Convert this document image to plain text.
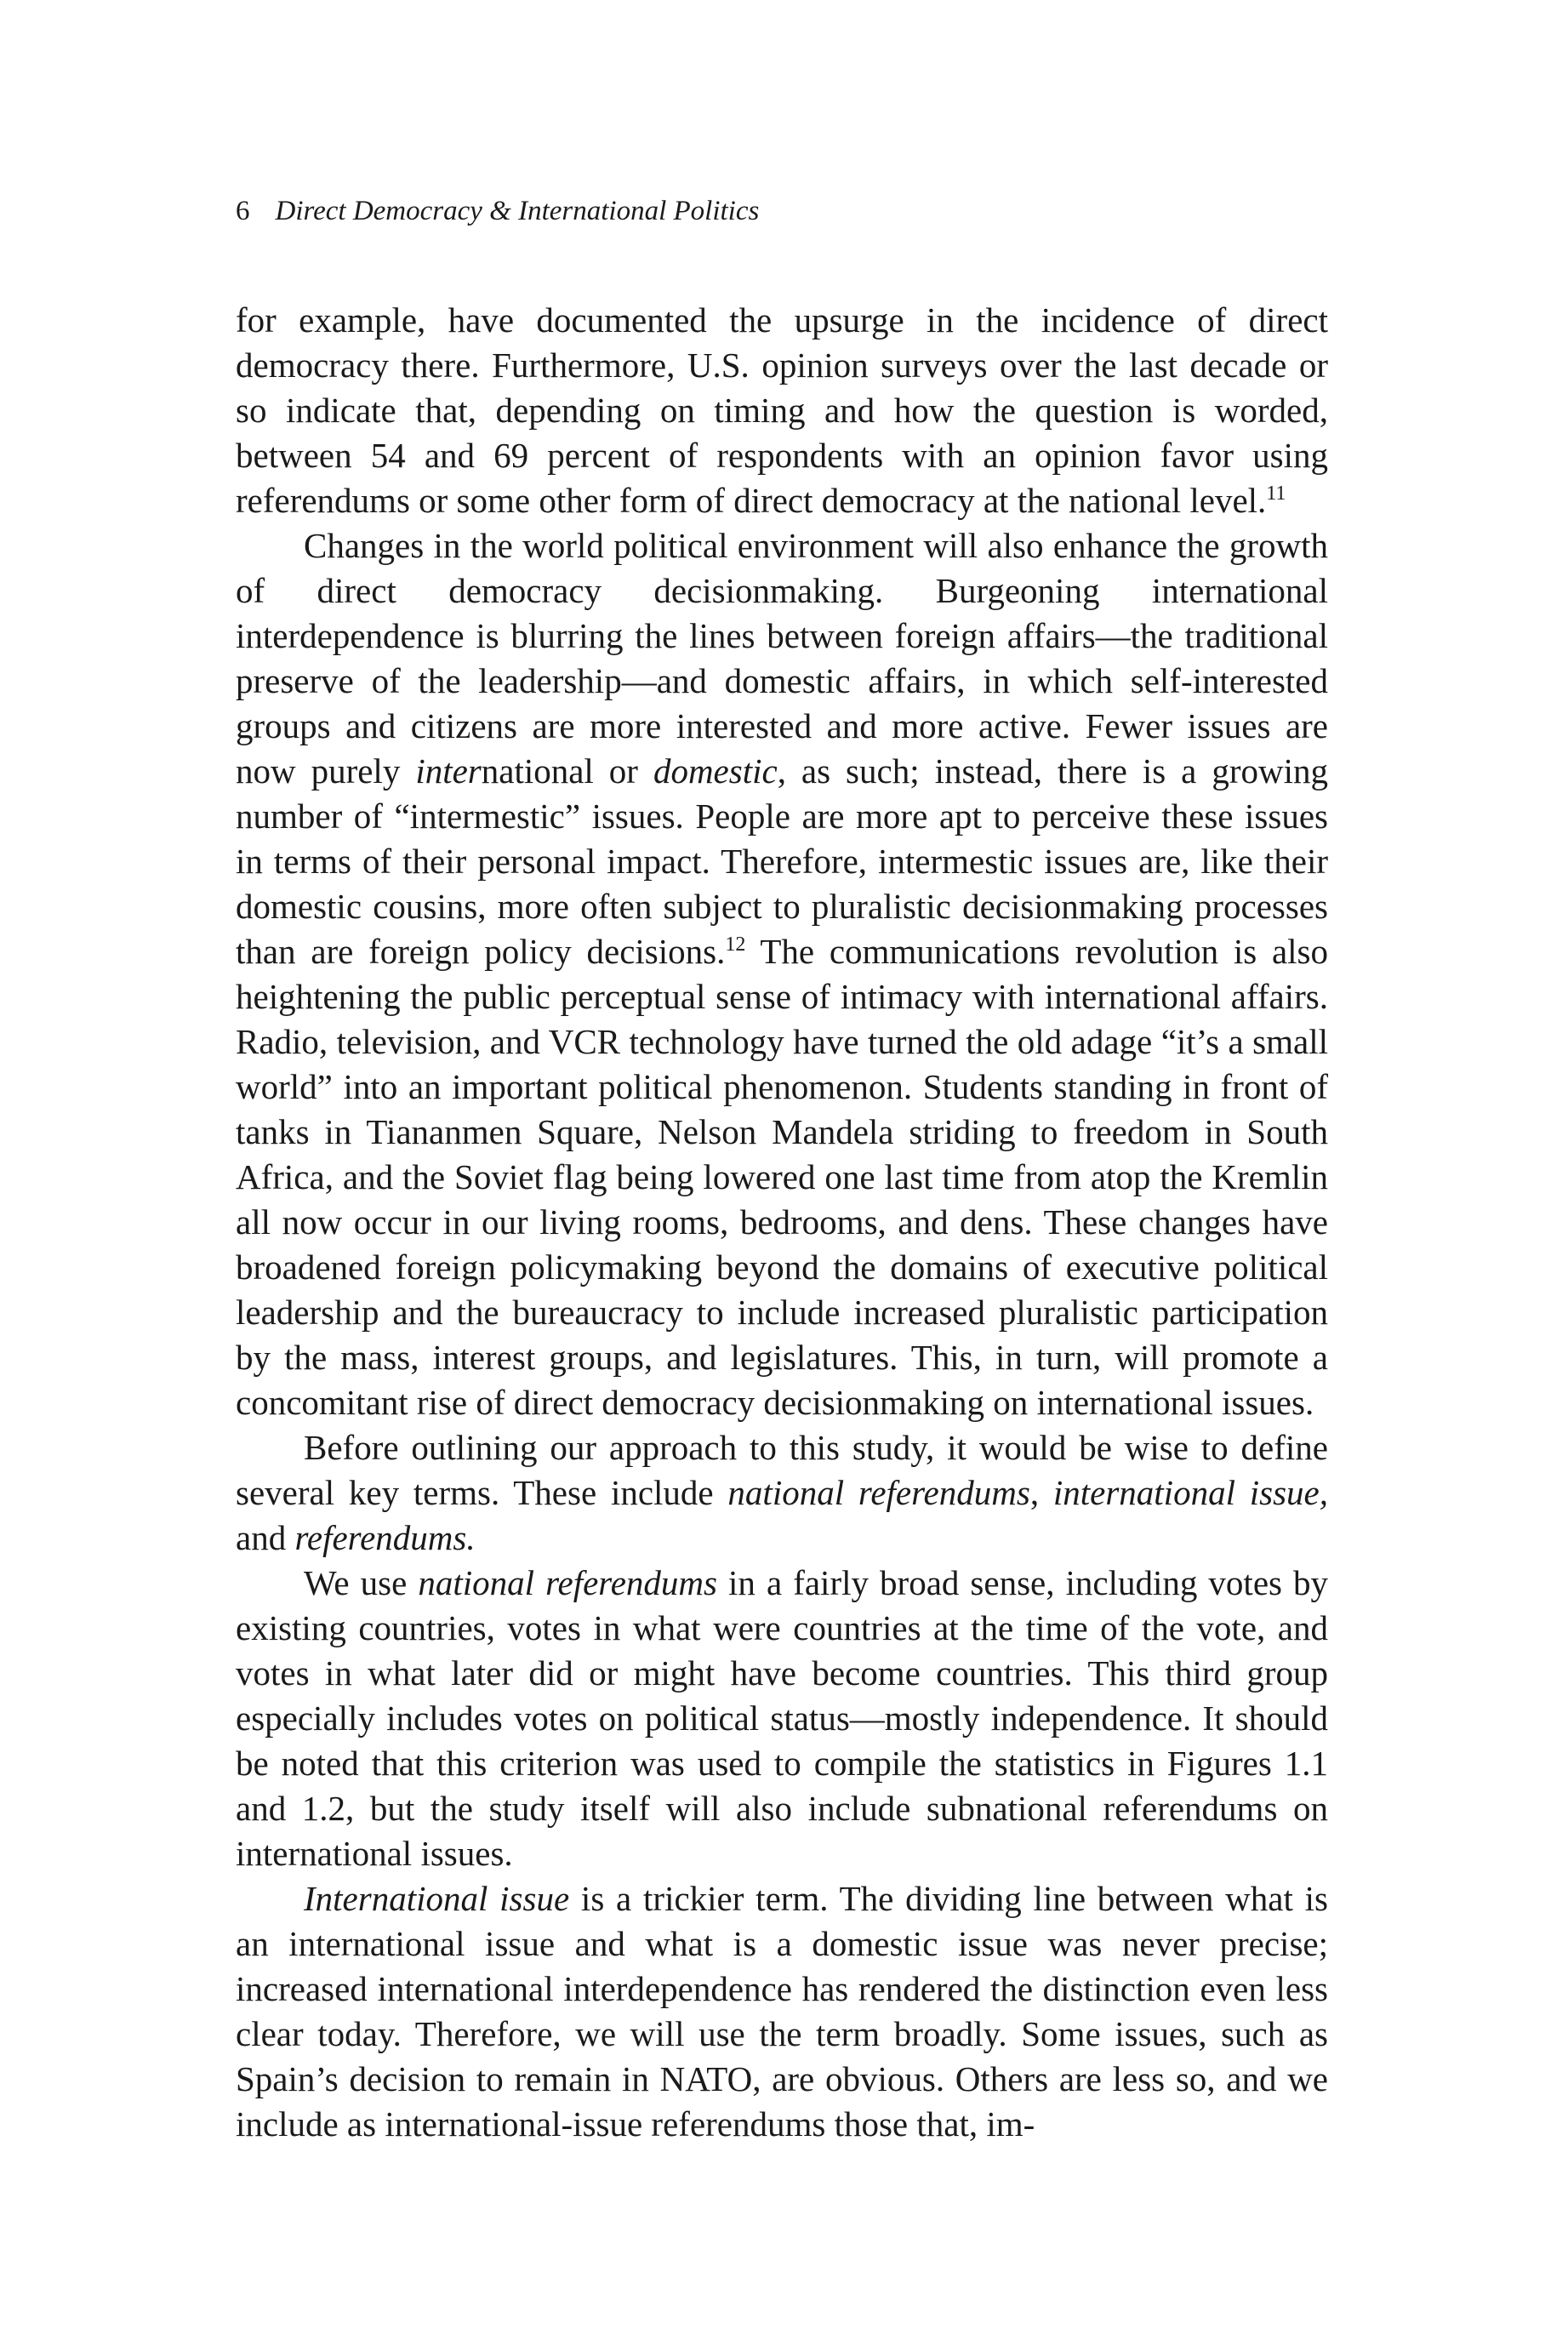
6 Direct Democracy & International Politics

for example, have documented the upsurge in the incidence of direct democracy there. Furthermore, U.S. opinion surveys over the last decade or so indicate that, depending on timing and how the question is worded, between 54 and 69 percent of respondents with an opinion favor using referendums or some other form of direct democracy at the national level.$^{11}$

Changes in the world political environment will also enhance the growth of direct democracy decisionmaking. Burgeoning international interdependence is blurring the lines between foreign affairs—the traditional preserve of the leadership—and domestic affairs, in which self-interested groups and citizens are more interested and more active. Fewer issues are now purely international or domestic, as such; instead, there is a growing number of “intermestic” issues. People are more apt to perceive these issues in terms of their personal impact. Therefore, intermestic issues are, like their domestic cousins, more often subject to pluralistic decisionmaking processes than are foreign policy decisions.$^{12}$ The communications revolution is also heightening the public perceptual sense of intimacy with international affairs. Radio, television, and VCR technology have turned the old adage “it’s a small world” into an important political phenomenon. Students standing in front of tanks in Tiananmen Square, Nelson Mandela striding to freedom in South Africa, and the Soviet flag being lowered one last time from atop the Kremlin all now occur in our living rooms, bedrooms, and dens. These changes have broadened foreign policymaking beyond the domains of executive political leadership and the bureaucracy to include increased pluralistic participation by the mass, interest groups, and legislatures. This, in turn, will promote a concomitant rise of direct democracy decisionmaking on international issues.

Before outlining our approach to this study, it would be wise to define several key terms. These include national referendums, international issue, and referendums.

We use national referendums in a fairly broad sense, including votes by existing countries, votes in what were countries at the time of the vote, and votes in what later did or might have become countries. This third group especially includes votes on political status—mostly independence. It should be noted that this criterion was used to compile the statistics in Figures 1.1 and 1.2, but the study itself will also include subnational referendums on international issues.

International issue is a trickier term. The dividing line between what is an international issue and what is a domestic issue was never precise; increased international interdependence has rendered the distinction even less clear today. Therefore, we will use the term broadly. Some issues, such as Spain’s decision to remain in NATO, are obvious. Others are less so, and we include as international-issue referendums those that, im-
